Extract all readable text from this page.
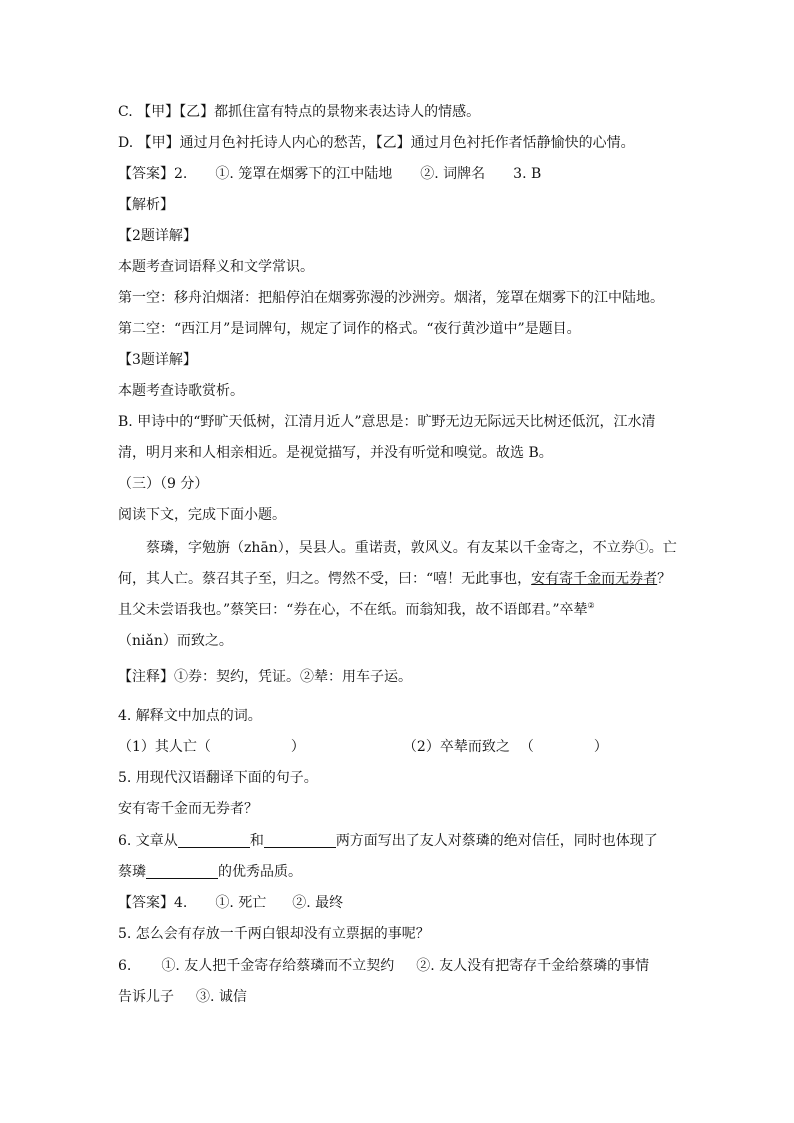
C. 【甲】【乙】都抓住富有特点的景物来表达诗人的情感。
D. 【甲】通过月色衬托诗人内心的愁苦，【乙】通过月色衬托作者恬静愉快的心情。
【答案】2. ①. 笼罩在烟雾下的江中陆地 ②. 词牌名 3. B
【解析】
【2题详解】
本题考查词语释义和文学常识。
第一空：移舟泊烟渚：把船停泊在烟雾弥漫的沙洲旁。烟渚，笼罩在烟雾下的江中陆地。
第二空：“西江月”是词牌句，规定了词作的格式。“夜行黄沙道中”是题目。
【3题详解】
本题考查诗歌赏析。
B. 甲诗中的“野旷天低树，江清月近人”意思是：旷野无边无际远天比树还低沉，江水清
清，明月来和人相亲相近。是视觉描写，并没有听觉和嗅觉。故选 B。
（三）（9 分）
阅读下文，完成下面小题。
蔡璘，字勉旃（zhān），吴县人。重诺责，敦风义。有友某以千金寄之，不立券①。亡
何，其人亡。蔡召其子至，归之。愕然不受，曰：“嘻！无此事也，安有寄千金而无券者？
且父未尝语我也。”蔡笑曰：“券在心，不在纸。而翁知我，故不语郎君。”卒辇②
（niǎn）而致之。
【注释】①券：契约，凭证。②辇：用车子运。
4. 解释文中加点的词。
（1）其人亡（	）	（2）卒辇而致之 （	）
5. 用现代汉语翻译下面的句子。
安有寄千金而无券者？
6. 文章从	和	两方面写出了友人对蔡璘的绝对信任，同时也体现了
蔡璘	的优秀品质。
【答案】4. ①. 死亡 ②. 最终
5. 怎么会有存放一千两白银却没有立票据的事呢？
6. ①. 友人把千金寄存给蔡璘而不立契约 ②. 友人没有把寄存千金给蔡璘的事情
告诉儿子 ③. 诚信
